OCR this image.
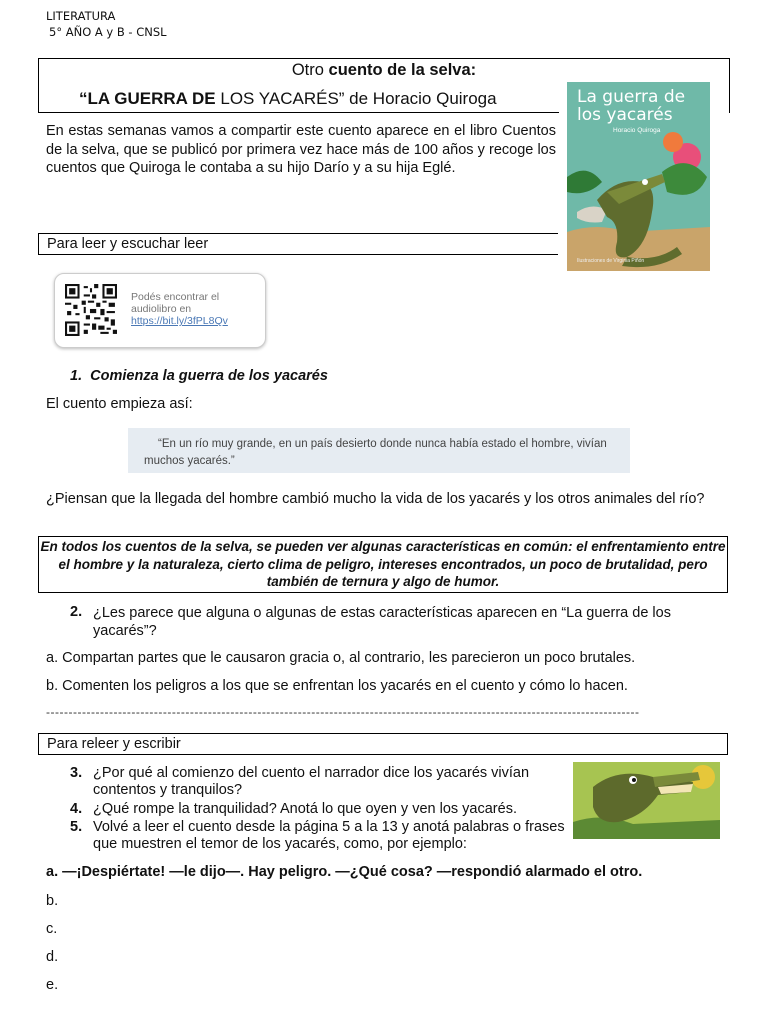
LITERATURA
5° AÑO A y B - CNSL
Otro cuento de la selva:
“LA GUERRA DE LOS YACARÉS” de Horacio Quiroga
En estas semanas vamos a compartir este cuento aparece en el libro Cuentos de la selva, que se publicó por primera vez hace más de 100 años y recoge los cuentos que Quiroga le contaba a su hijo Darío y a su hija Eglé.
La guerra de los yacarés
Horacio Quiroga
Ilustraciones de Virginia Piñón
Para leer y escuchar leer
Podés encontrar el audiolibro en
https://bit.ly/3fPL8Qv
1. Comienza la guerra de los yacarés
El cuento empieza así:
“En un río muy grande, en un país desierto donde nunca había estado el hombre, vivían muchos yacarés.”
¿Piensan que la llegada del hombre cambió mucho la vida de los yacarés y los otros animales del río?
En todos los cuentos de la selva, se pueden ver algunas características en común: el enfrentamiento entre el hombre y la naturaleza, cierto clima de peligro, intereses encontrados, un poco de brutalidad, pero también de ternura y algo de humor.
2. ¿Les parece que alguna o algunas de estas características aparecen en “La guerra de los yacarés”?
a. Compartan partes que le causaron gracia o, al contrario, les parecieron un poco brutales.
b. Comenten los peligros a los que se enfrentan los yacarés en el cuento y cómo lo hacen.
------------------------------------------------------------------------------------------------------------------------------------
Para releer y escribir
3. ¿Por qué al comienzo del cuento el narrador dice los yacarés vivían contentos y tranquilos?
4. ¿Qué rompe la tranquilidad? Anotá lo que oyen y ven los yacarés.
5. Volvé a leer el cuento desde la página 5 a la 13 y anotá palabras o frases que muestren el temor de los yacarés, como, por ejemplo:
a. —¡Despiértate! —le dijo—. Hay peligro. —¿Qué cosa? —respondió alarmado el otro.
b.
c.
d.
e.
